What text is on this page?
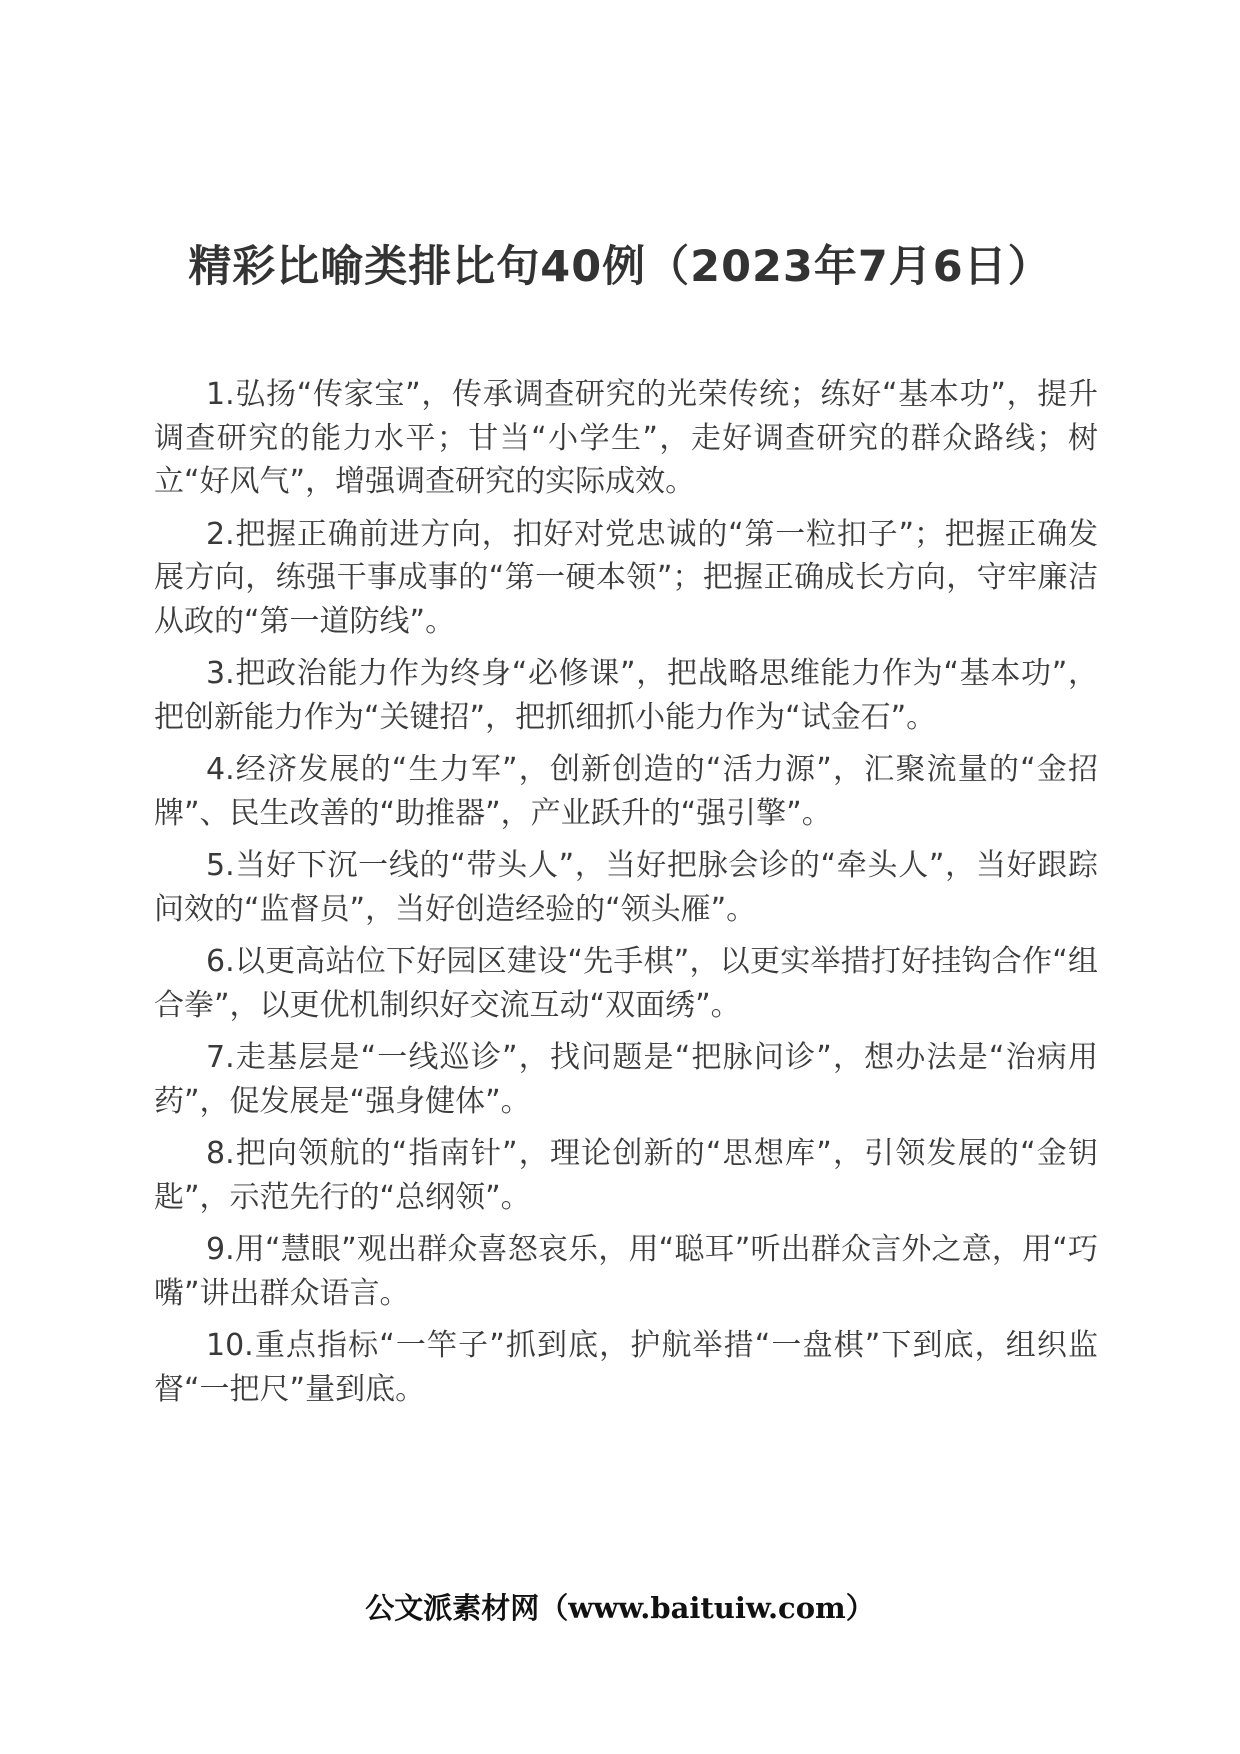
精彩比喻类排比句40例（2023年7月6日）

1.弘扬“传家宝”，传承调查研究的光荣传统；练好“基本功”，提升调查研究的能力水平；甘当“小学生”，走好调查研究的群众路线；树立“好风气”，增强调查研究的实际成效。

2.把握正确前进方向，扣好对党忠诚的“第一粒扣子”；把握正确发展方向，练强干事成事的“第一硬本领”；把握正确成长方向，守牢廉洁从政的“第一道防线”。

3.把政治能力作为终身“必修课”，把战略思维能力作为“基本功”，把创新能力作为“关键招”，把抓细抓小能力作为“试金石”。

4.经济发展的“生力军”，创新创造的“活力源”，汇聚流量的“金招牌”、民生改善的“助推器”，产业跃升的“强引擎”。

5.当好下沉一线的“带头人”，当好把脉会诊的“牵头人”，当好跟踪问效的“监督员”，当好创造经验的“领头雁”。

6.以更高站位下好园区建设“先手棋”，以更实举措打好挂钩合作“组合拳”，以更优机制织好交流互动“双面绣”。

7.走基层是“一线巡诊”，找问题是“把脉问诊”，想办法是“治病用药”，促发展是“强身健体”。

8.把向领航的“指南针”，理论创新的“思想库”，引领发展的“金钥匙”，示范先行的“总纲领”。

9.用“慧眼”观出群众喜怒哀乐，用“聪耳”听出群众言外之意，用“巧嘴”讲出群众语言。

10.重点指标“一竿子”抓到底，护航举措“一盘棋”下到底，组织监督“一把尺”量到底。

公文派素材网（www.baituiw.com）
